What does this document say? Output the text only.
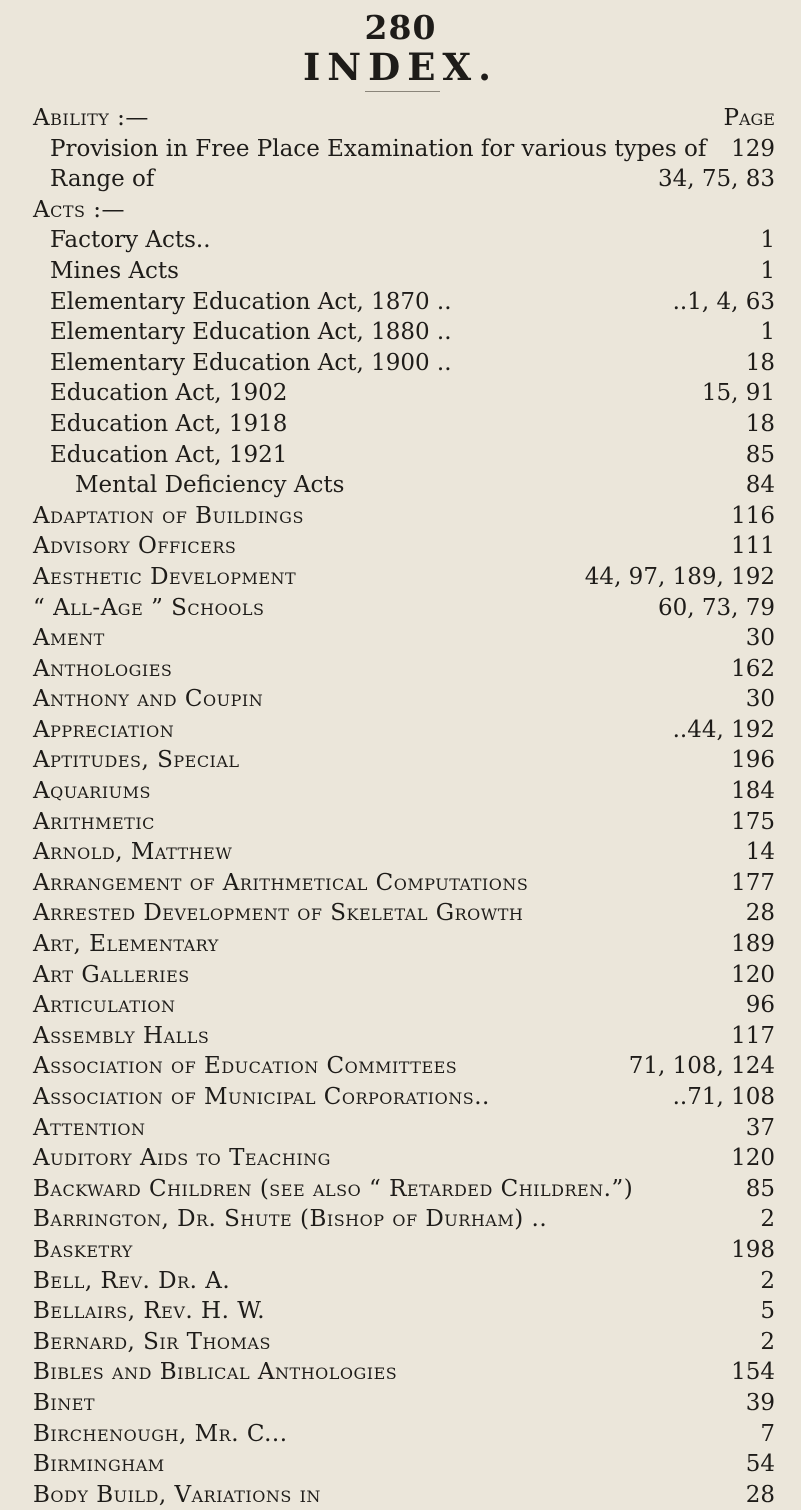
280
INDEX.
Ability :—	Page
Provision in Free Place Examination for various types of 129
Range of	34, 75, 83
Acts :—
Factory Acts..	1
Mines Acts	1
Elementary Education Act, 1870 ..	..1, 4, 63
Elementary Education Act, 1880 ..	1
Elementary Education Act, 1900 ..	18
Education Act, 1902	15, 91
Education Act, 1918	18
Education Act, 1921	85
Mental Deficiency Acts	84
Adaptation of Buildings	116
Advisory Officers	111
Aesthetic Development	44, 97, 189, 192
“ All-Age ” Schools	60, 73, 79
Ament	30
Anthologies	162
Anthony and Coupin	30
Appreciation	..44, 192
Aptitudes, Special	196
Aquariums	184
Arithmetic	175
Arnold, Matthew	14
Arrangement of Arithmetical Computations	177
Arrested Development of Skeletal Growth	28
Art, Elementary	189
Art Galleries	120
Articulation	96
Assembly Halls	117
Association of Education Committees	71, 108, 124
Association of Municipal Corporations..	..71, 108
Attention	37
Auditory Aids to Teaching	120
Backward Children (see also “ Retarded Children.”)	85
Barrington, Dr. Shute (Bishop of Durham) ..	2
Basketry	198
Bell, Rev. Dr. A.	2
Bellairs, Rev. H. W.	5
Bernard, Sir Thomas	2
Bibles and Biblical Anthologies	154
Binet	39
Birchenough, Mr. C...	7
Birmingham	54
Body Build, Variations in	28
